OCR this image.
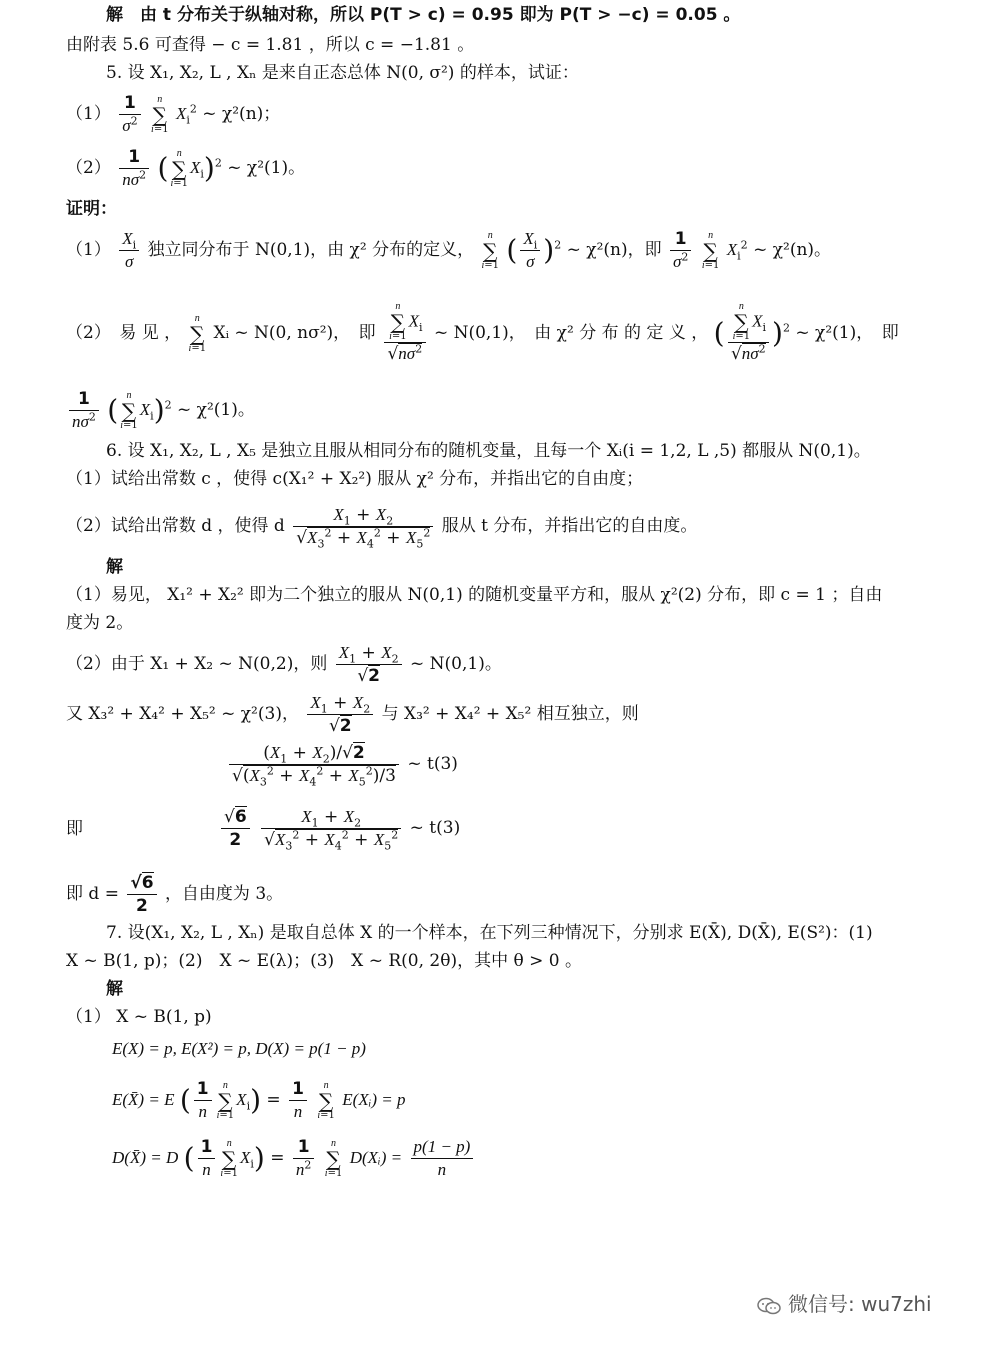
解　由 t 分布关于纵轴对称，所以 P(T > c) = 0.95 即为 P(T > −c) = 0.05 。
由附表 5.6 可查得 − c = 1.81 ，所以 c = −1.81 。
5. 设 X₁, X₂, L , Xₙ 是来自正态总体 N(0, σ²) 的样本，试证：
$(1) \frac{1}{\sigma^2}$ n
∑
i=1 $X_i^2$ ~ χ²(n)；
$(2) \frac{1}{n\sigma^2}$ ( n
∑
$i=1X_i)^2$ ~ χ²(1)。
证明：
$(1) \frac{X_i}{\sigma}$ 独立同分布于 N(0,1)，由 χ² 分布的定义， n
∑
i=1 ( $\frac{X_i}{\sigma} )^2$ ~ χ²(n)，即 $\frac{1}{\sigma^2}$ n
∑
i=1 $X_i^2$ ~ χ²(n)。
（2）　易 见 ， n
∑
i=1 Xᵢ ~ N(0, nσ²)，　即 n
∑
$i=1X_i$
$√n\sigma^2$ ~ N(0,1)，　由 χ² 分 布 的 定 义 ， ( n
∑
$i=1X_i$
$√n\sigma^2$ )$^2$ ~ χ²(1)，　即
$\frac{1}{n\sigma^2}$ ( n
∑
$i=1X_i)^2$ ~ χ²(1)。
6. 设 X₁, X₂, L , X₅ 是独立且服从相同分布的随机变量，且每一个 Xᵢ(i = 1,2, L ,5) 都服从 N(0,1)。
（1）试给出常数 c ，使得 c(X₁² + X₂²) 服从 χ² 分布，并指出它的自由度；
（2）试给出常数 d ，使得 d $\frac{X_1 + X_2}{√X_3^2 + X_4^2 + X_5^2}$ 服从 t 分布，并指出它的自由度。
解
（1）易见， X₁² + X₂² 即为二个独立的服从 N(0,1) 的随机变量平方和，服从 χ²(2) 分布，即 c = 1 ；自由
度为 2。
（2）由于 X₁ + X₂ ~ N(0,2)，则 $\frac{X_1 + X_2}{√2}$ ~ N(0,1)。
又 X₃² + X₄² + X₅² ~ χ²(3)， $\frac{X_1 + X_2}{√2}$ 与 X₃² + X₄² + X₅² 相互独立，则
$\frac{(X_1 + X_2)/√2}{√(X_3^2 + X_4^2 + X_5^2)/3}$ ~ t(3)
即	$\frac{√6}{2}$
$\frac{X_1 + X_2}{√X_3^2 + X_4^2 + X_5^2}$ ~ t(3)
即 $d = \frac{√6}{2}$ ，自由度为 3。
7. 设(X₁, X₂, L , Xₙ) 是取自总体 X 的一个样本，在下列三种情况下，分别求 E(X̄), D(X̄), E(S²)：(1)
X ~ B(1, p)；(2)　X ~ E(λ)；(3)　X ~ R(0, 2θ)，其中 θ > 0 。
解
（1） X ~ B(1, p)
E(X) = p, E(X²) = p, D(X) = p(1 − p)
E(X̄) = E ( $\frac{1}{n}$ n
∑
$i=1X_i) = \frac{1}{n}$ n
∑
i=1 E(Xᵢ) = p
D(X̄) = D ( $\frac{1}{n}$ n
∑
$i=1X_i) = \frac{1}{n^2}$ n
∑
i=1 D(Xᵢ) = $\frac{p(1 - p)}{n}$
微信号: wu7zhi
